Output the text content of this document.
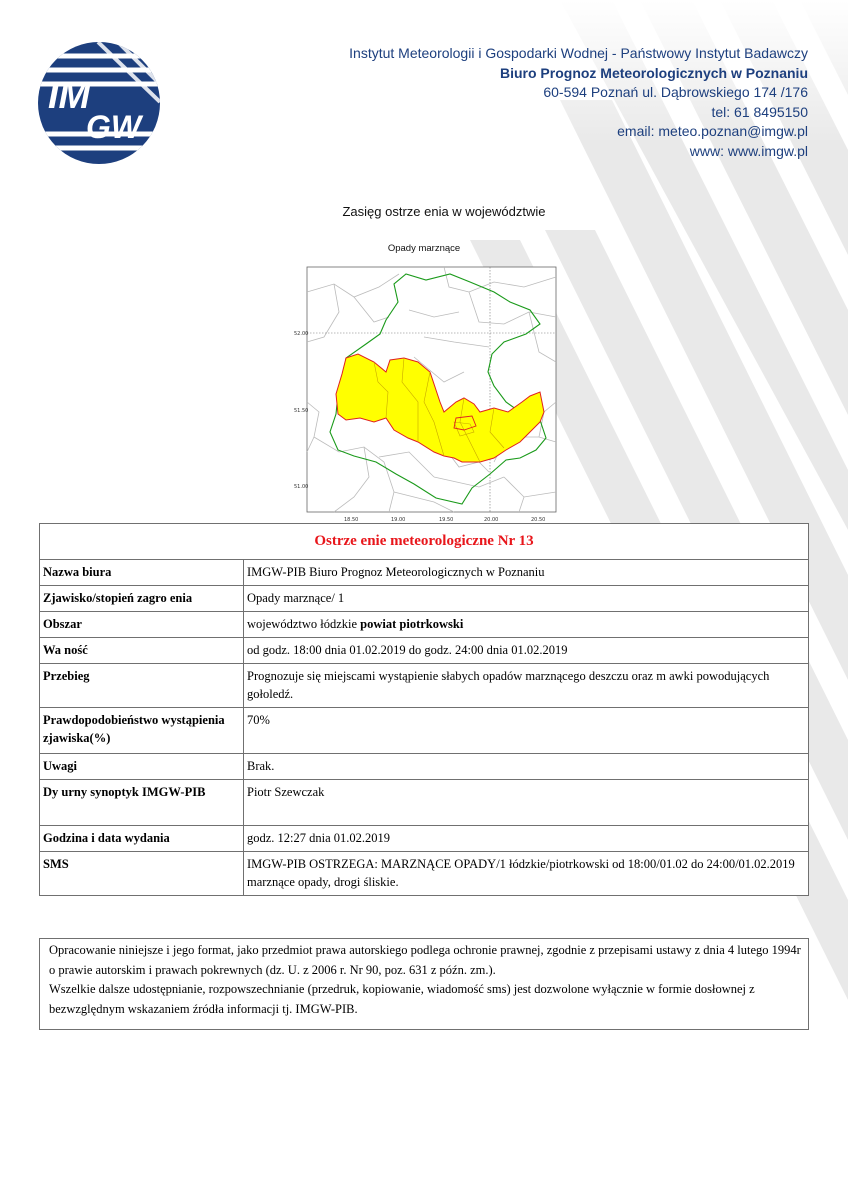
IM
GW
Instytut Meteorologii i Gospodarki Wodnej - Państwowy Instytut Badawczy
Biuro Prognoz Meteorologicznych w Poznaniu
60-594 Poznań ul. Dąbrowskiego 174 /176
tel: 61 8495150
email: meteo.poznan@imgw.pl
www: www.imgw.pl
Zasięg ostrze enia w województwie
Opady marznące
52.00
51.50
51.00
18.50	19.00	19.50	20.00	20.50
Ostrze enie meteorologiczne Nr 13	
Nazwa biura	IMGW-PIB Biuro Prognoz Meteorologicznych w Poznaniu
Zjawisko/stopień zagro enia	Opady marznące/ 1
Obszar	województwo łódzkie powiat piotrkowski
Wa ność	od godz. 18:00 dnia 01.02.2019 do godz. 24:00 dnia 01.02.2019
Przebieg	Prognozuje się miejscami wystąpienie słabych opadów marznącego deszczu oraz m awki powodujących gołoledź.
Prawdopodobieństwo wystąpienia zjawiska(%)	70%
Uwagi	Brak.
Dy urny synoptyk IMGW-PIB	Piotr Szewczak
Godzina i data wydania	godz. 12:27 dnia 01.02.2019
SMS	IMGW-PIB OSTRZEGA: MARZNĄCE OPADY/1 łódzkie/piotrkowski od 18:00/01.02 do 24:00/01.02.2019 marznące opady, drogi śliskie.

Opracowanie niniejsze i jego format, jako przedmiot prawa autorskiego podlega ochronie prawnej, zgodnie z przepisami ustawy z dnia 4 lutego 1994r o prawie autorskim i prawach pokrewnych (dz. U. z 2006 r. Nr 90, poz. 631 z późn. zm.).

Wszelkie dalsze udostępnianie, rozpowszechnianie (przedruk, kopiowanie, wiadomość sms) jest dozwolone wyłącznie w formie dosłownej z bezwzględnym wskazaniem źródła informacji tj. IMGW-PIB.
